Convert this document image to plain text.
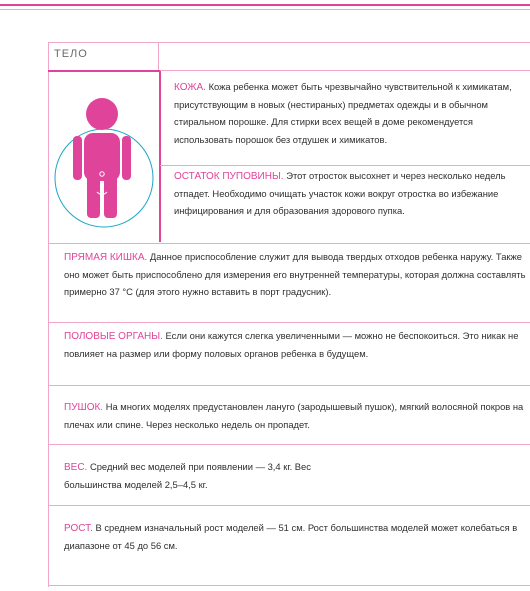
ТЕЛО
КОЖА. Кожа ребенка может быть чрезвычайно чувствительной к химикатам, присутствующим в новых (нестираных) предметах одежды и в обычном стиральном порошке. Для стирки всех вещей в доме рекомендуется использовать порошок без отдушек и химикатов.
ОСТАТОК ПУПОВИНЫ. Этот отросток высохнет и через несколько недель отпадет. Необходимо очищать участок кожи вокруг отростка во избежание инфицирования и для образования здорового пупка.
ПРЯМАЯ КИШКА. Данное приспособление служит для вывода твердых отходов ребенка наружу. Также оно может быть приспособлено для измерения его внутренней температуры, которая должна составлять примерно 37 °C (для этого нужно вставить в порт градусник).
ПОЛОВЫЕ ОРГАНЫ. Если они кажутся слегка увеличенными — можно не беспокоиться. Это никак не повлияет на размер или форму половых органов ребенка в будущем.
ПУШОК. На многих моделях предустановлен лануго (зародышевый пушок), мягкий волосяной покров на плечах или спине. Через несколько недель он пропадет.
ВЕС. Средний вес моделей при появлении — 3,4 кг. Вес большинства моделей 2,5–4,5 кг.
РОСТ. В среднем изначальный рост моделей — 51 см. Рост большинства моделей может колебаться в диапазоне от 45 до 56 см.
